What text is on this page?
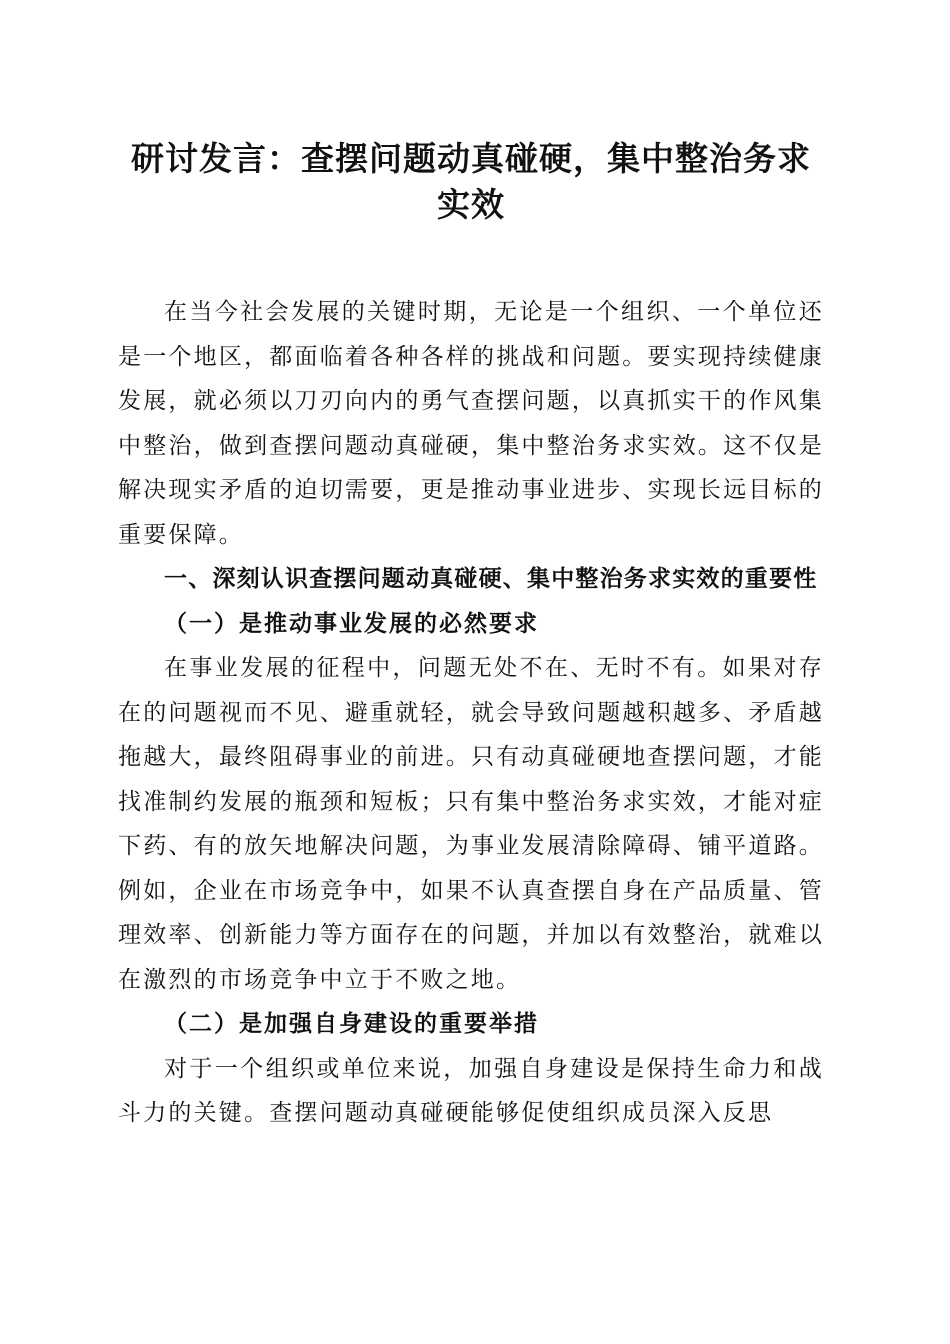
研讨发言：查摆问题动真碰硬，集中整治务求实效

在当今社会发展的关键时期，无论是一个组织、一个单位还是一个地区，都面临着各种各样的挑战和问题。要实现持续健康发展，就必须以刀刃向内的勇气查摆问题，以真抓实干的作风集中整治，做到查摆问题动真碰硬，集中整治务求实效。这不仅是解决现实矛盾的迫切需要，更是推动事业进步、实现长远目标的重要保障。

一、深刻认识查摆问题动真碰硬、集中整治务求实效的重要性

（一）是推动事业发展的必然要求

在事业发展的征程中，问题无处不在、无时不有。如果对存在的问题视而不见、避重就轻，就会导致问题越积越多、矛盾越拖越大，最终阻碍事业的前进。只有动真碰硬地查摆问题，才能找准制约发展的瓶颈和短板；只有集中整治务求实效，才能对症下药、有的放矢地解决问题，为事业发展清除障碍、铺平道路。例如，企业在市场竞争中，如果不认真查摆自身在产品质量、管理效率、创新能力等方面存在的问题，并加以有效整治，就难以在激烈的市场竞争中立于不败之地。

（二）是加强自身建设的重要举措

对于一个组织或单位来说，加强自身建设是保持生命力和战斗力的关键。查摆问题动真碰硬能够促使组织成员深入反思
